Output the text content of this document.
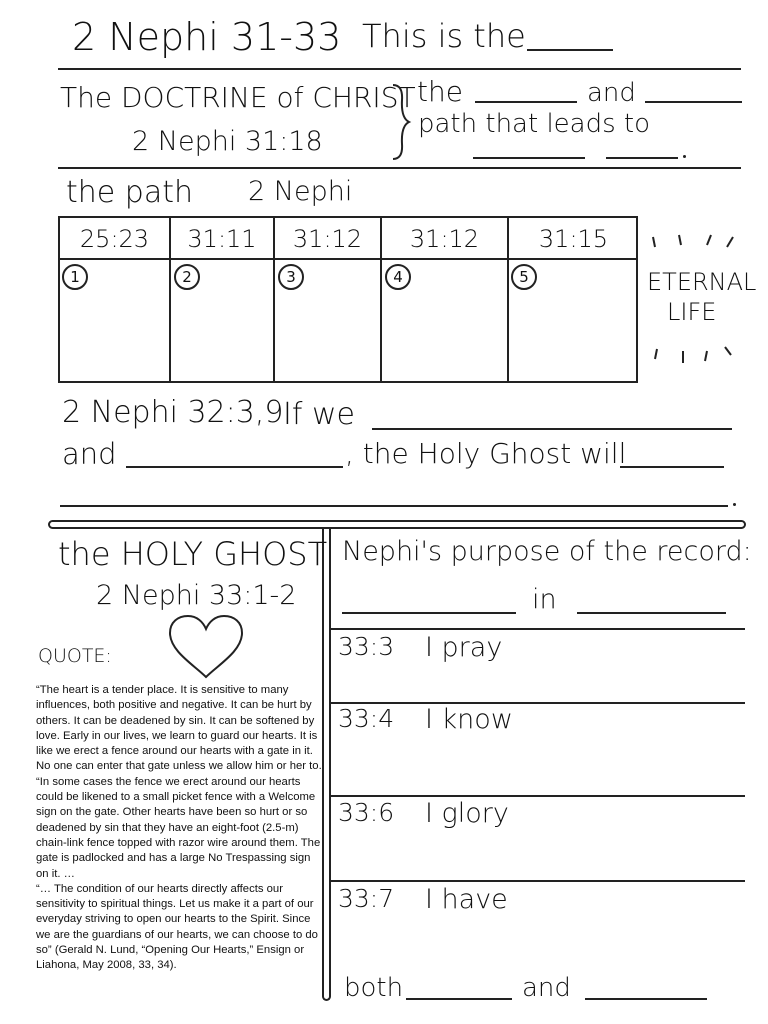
2 Nephi 31-33 This is the
The DOCTRINE of CHRIST
2 Nephi 31:18
the	and
path that leads to
the path 2 Nephi
25:23	31:11	31:12	31:12	31:15
1	2	3	4	5	ETERNAL
LIFE
2 Nephi 32:3,9 If we
and	, the Holy Ghost will
the HOLY GHOST
2 Nephi 33:1-2
QUOTE:

“The heart is a tender place. It is sensitive to many influences, both positive and negative. It can be hurt by others. It can be deadened by sin. It can be softened by love. Early in our lives, we learn to guard our hearts. It is like we erect a fence around our hearts with a gate in it. No one can enter that gate unless we allow him or her to.

“In some cases the fence we erect around our hearts could be likened to a small picket fence with a Welcome sign on the gate. Other hearts have been so hurt or so deadened by sin that they have an eight-foot (2.5-m) chain-link fence topped with razor wire around them. The gate is padlocked and has a large No Trespassing sign on it. …

“… The condition of our hearts directly affects our sensitivity to spiritual things. Let us make it a part of our everyday striving to open our hearts to the Spirit. Since we are the guardians of our hearts, we can choose to do so” (Gerald N. Lund, “Opening Our Hearts,” Ensign or Liahona, May 2008, 33, 34).

Nephi's purpose of the record:
in
33:3 I pray
33:4 I know
33:6 I glory
33:7 I have
both	and
